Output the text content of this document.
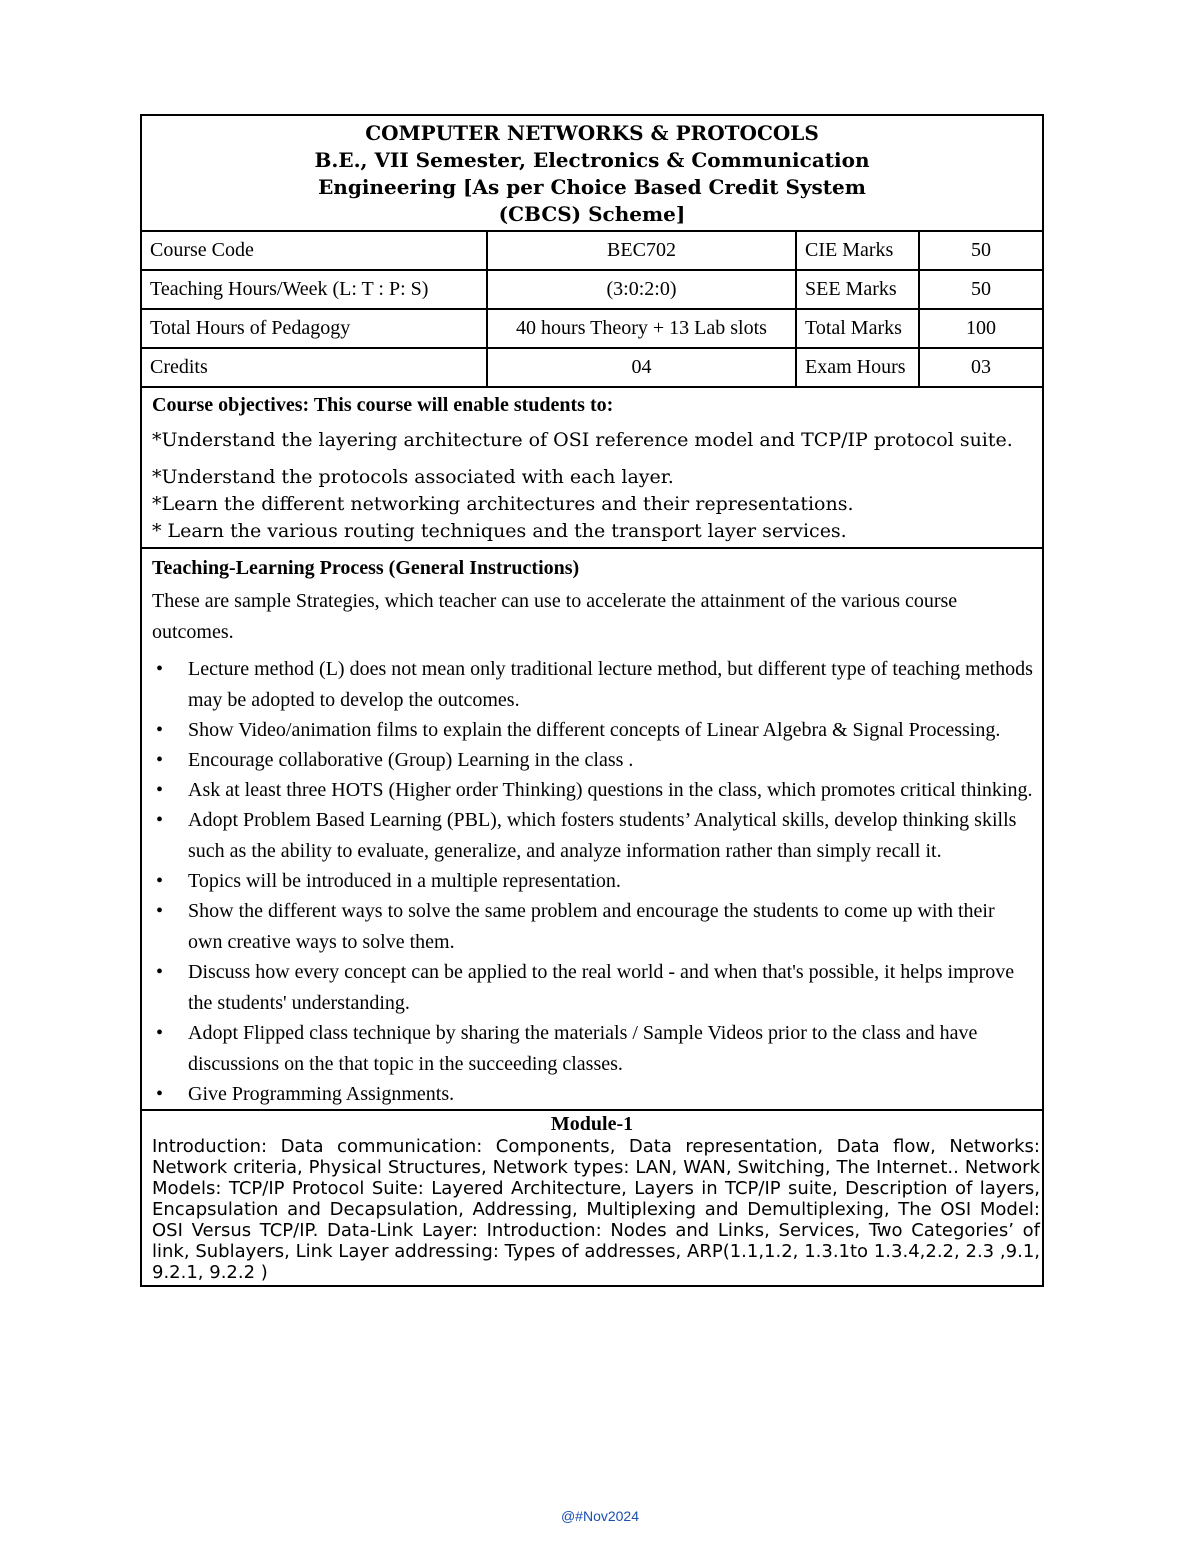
COMPUTER NETWORKS & PROTOCOLS
B.E., VII Semester, Electronics & Communication
Engineering [As per Choice Based Credit System
(CBCS) Scheme]
Course Code	BEC702	CIE Marks	50
Teaching Hours/Week (L: T : P: S)	(3:0:2:0)	SEE Marks	50
Total Hours of Pedagogy	40 hours Theory + 13 Lab slots	Total Marks	100
Credits	04	Exam Hours	03
Course objectives: This course will enable students to:
*Understand the layering architecture of OSI reference model and TCP/IP protocol suite.
*Understand the protocols associated with each layer.
*Learn the different networking architectures and their representations.
* Learn the various routing techniques and the transport layer services.
Teaching-Learning Process (General Instructions)
These are sample Strategies, which teacher can use to accelerate the attainment of the various course outcomes.
• Lecture method (L) does not mean only traditional lecture method, but different type of teaching methods may be adopted to develop the outcomes.
• Show Video/animation films to explain the different concepts of Linear Algebra & Signal Processing.
• Encourage collaborative (Group) Learning in the class .
• Ask at least three HOTS (Higher order Thinking) questions in the class, which promotes critical thinking.
• Adopt Problem Based Learning (PBL), which fosters students’ Analytical skills, develop thinking skills such as the ability to evaluate, generalize, and analyze information rather than simply recall it.
• Topics will be introduced in a multiple representation.
• Show the different ways to solve the same problem and encourage the students to come up with their own creative ways to solve them.
• Discuss how every concept can be applied to the real world - and when that's possible, it helps improve the students' understanding.
• Adopt Flipped class technique by sharing the materials / Sample Videos prior to the class and have discussions on the that topic in the succeeding classes.
• Give Programming Assignments.
Module-1
Introduction: Data communication: Components, Data representation, Data flow, Networks: Network criteria, Physical Structures, Network types: LAN, WAN, Switching, The Internet.. Network Models: TCP/IP Protocol Suite: Layered Architecture, Layers in TCP/IP suite, Description of layers, Encapsulation and Decapsulation, Addressing, Multiplexing and Demultiplexing, The OSI Model: OSI Versus TCP/IP. Data-Link Layer: Introduction: Nodes and Links, Services, Two Categories’ of link, Sublayers, Link Layer addressing: Types of addresses, ARP(1.1,1.2, 1.3.1to 1.3.4,2.2, 2.3 ,9.1, 9.2.1, 9.2.2 )
@#Nov2024
